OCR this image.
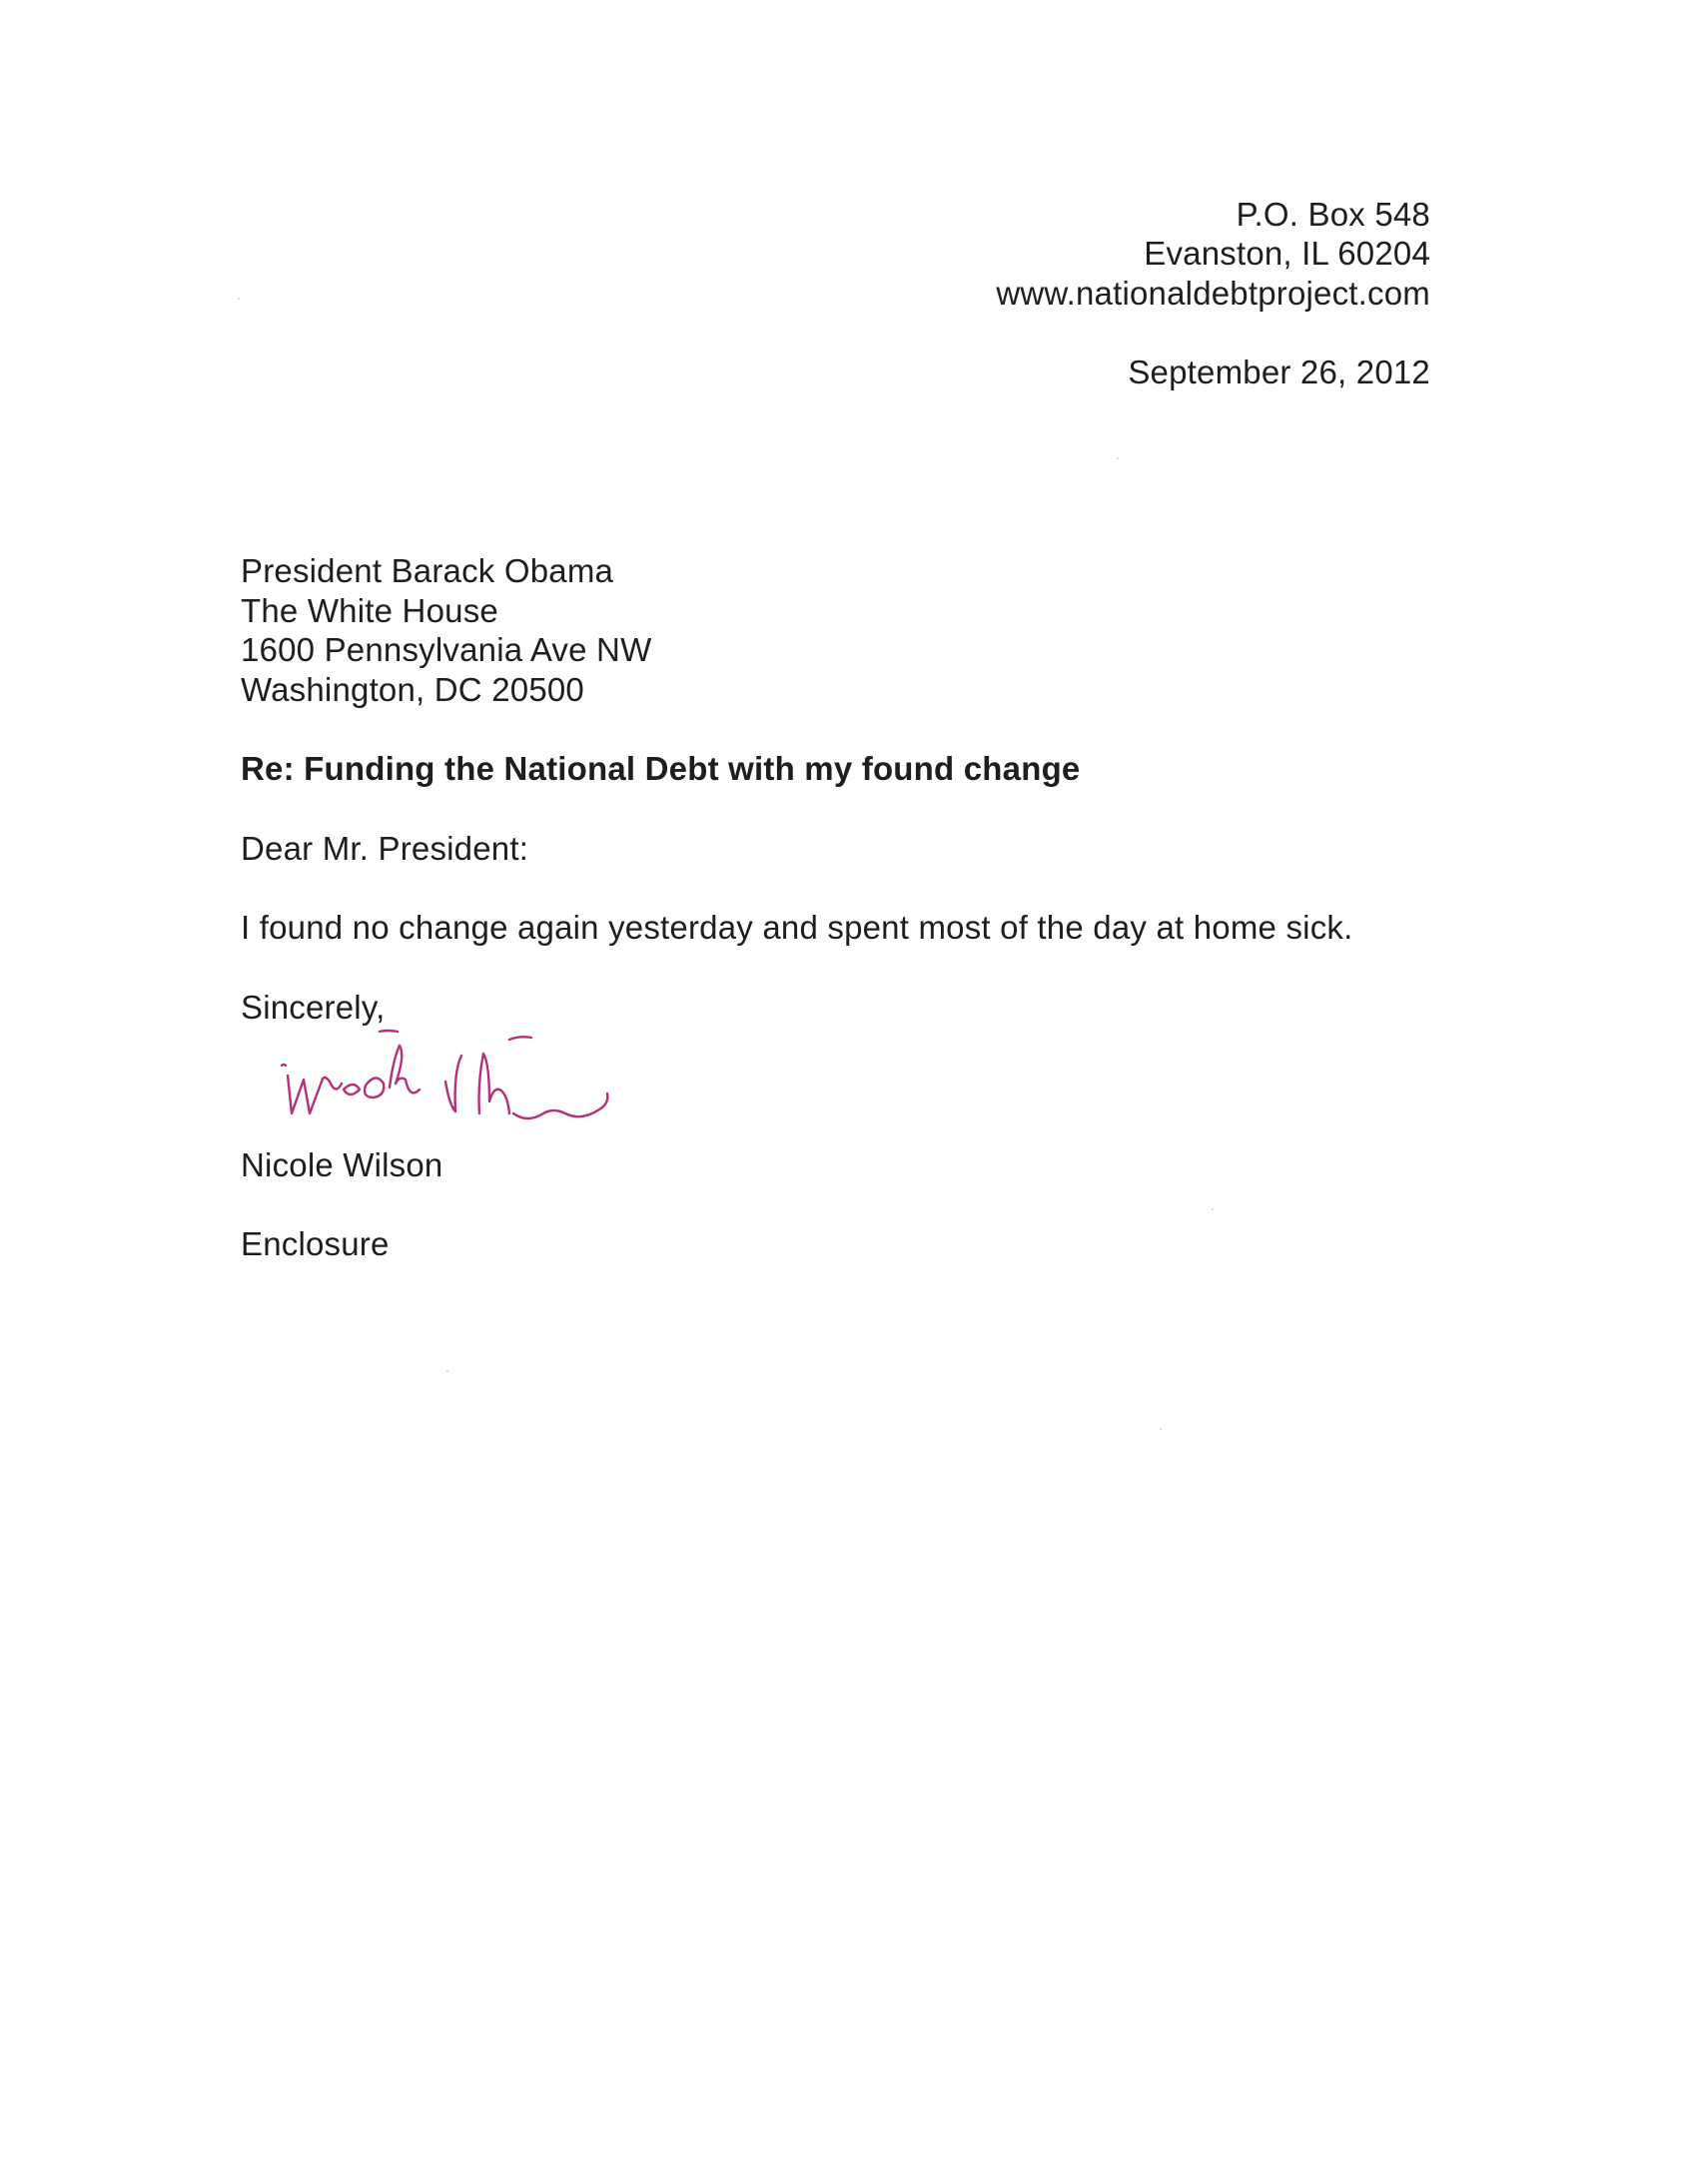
P.O. Box 548
Evanston, IL 60204
www.nationaldebtproject.com
September 26, 2012
President Barack Obama
The White House
1600 Pennsylvania Ave NW
Washington, DC 20500
Re: Funding the National Debt with my found change
Dear Mr. President:
I found no change again yesterday and spent most of the day at home sick.
Sincerely,
Nicole Wilson
Enclosure
